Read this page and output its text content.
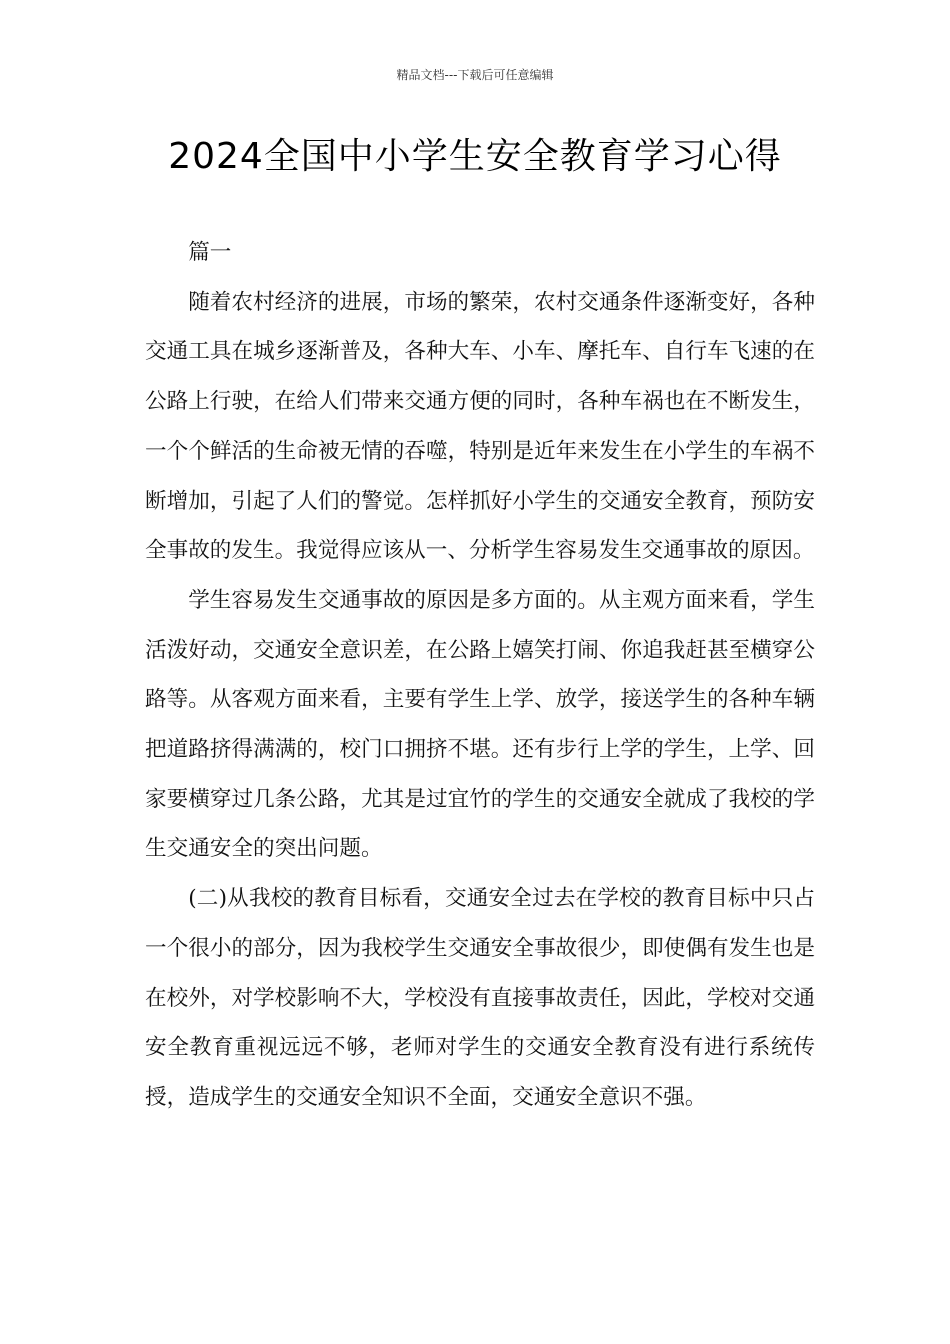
精品文档---下载后可任意编辑
2024全国中小学生安全教育学习心得

篇一

随着农村经济的进展，市场的繁荣，农村交通条件逐渐变好，各种交通工具在城乡逐渐普及，各种大车、小车、摩托车、自行车飞速的在公路上行驶，在给人们带来交通方便的同时，各种车祸也在不断发生，一个个鲜活的生命被无情的吞噬，特别是近年来发生在小学生的车祸不断增加，引起了人们的警觉。怎样抓好小学生的交通安全教育，预防安全事故的发生。我觉得应该从一、分析学生容易发生交通事故的原因。

学生容易发生交通事故的原因是多方面的。从主观方面来看，学生活泼好动，交通安全意识差，在公路上嬉笑打闹、你追我赶甚至横穿公路等。从客观方面来看，主要有学生上学、放学，接送学生的各种车辆把道路挤得满满的，校门口拥挤不堪。还有步行上学的学生，上学、回家要横穿过几条公路，尤其是过宜竹的学生的交通安全就成了我校的学生交通安全的突出问题。

(二)从我校的教育目标看，交通安全过去在学校的教育目标中只占一个很小的部分，因为我校学生交通安全事故很少，即使偶有发生也是在校外，对学校影响不大，学校没有直接事故责任，因此，学校对交通安全教育重视远远不够，老师对学生的交通安全教育没有进行系统传授，造成学生的交通安全知识不全面，交通安全意识不强。
